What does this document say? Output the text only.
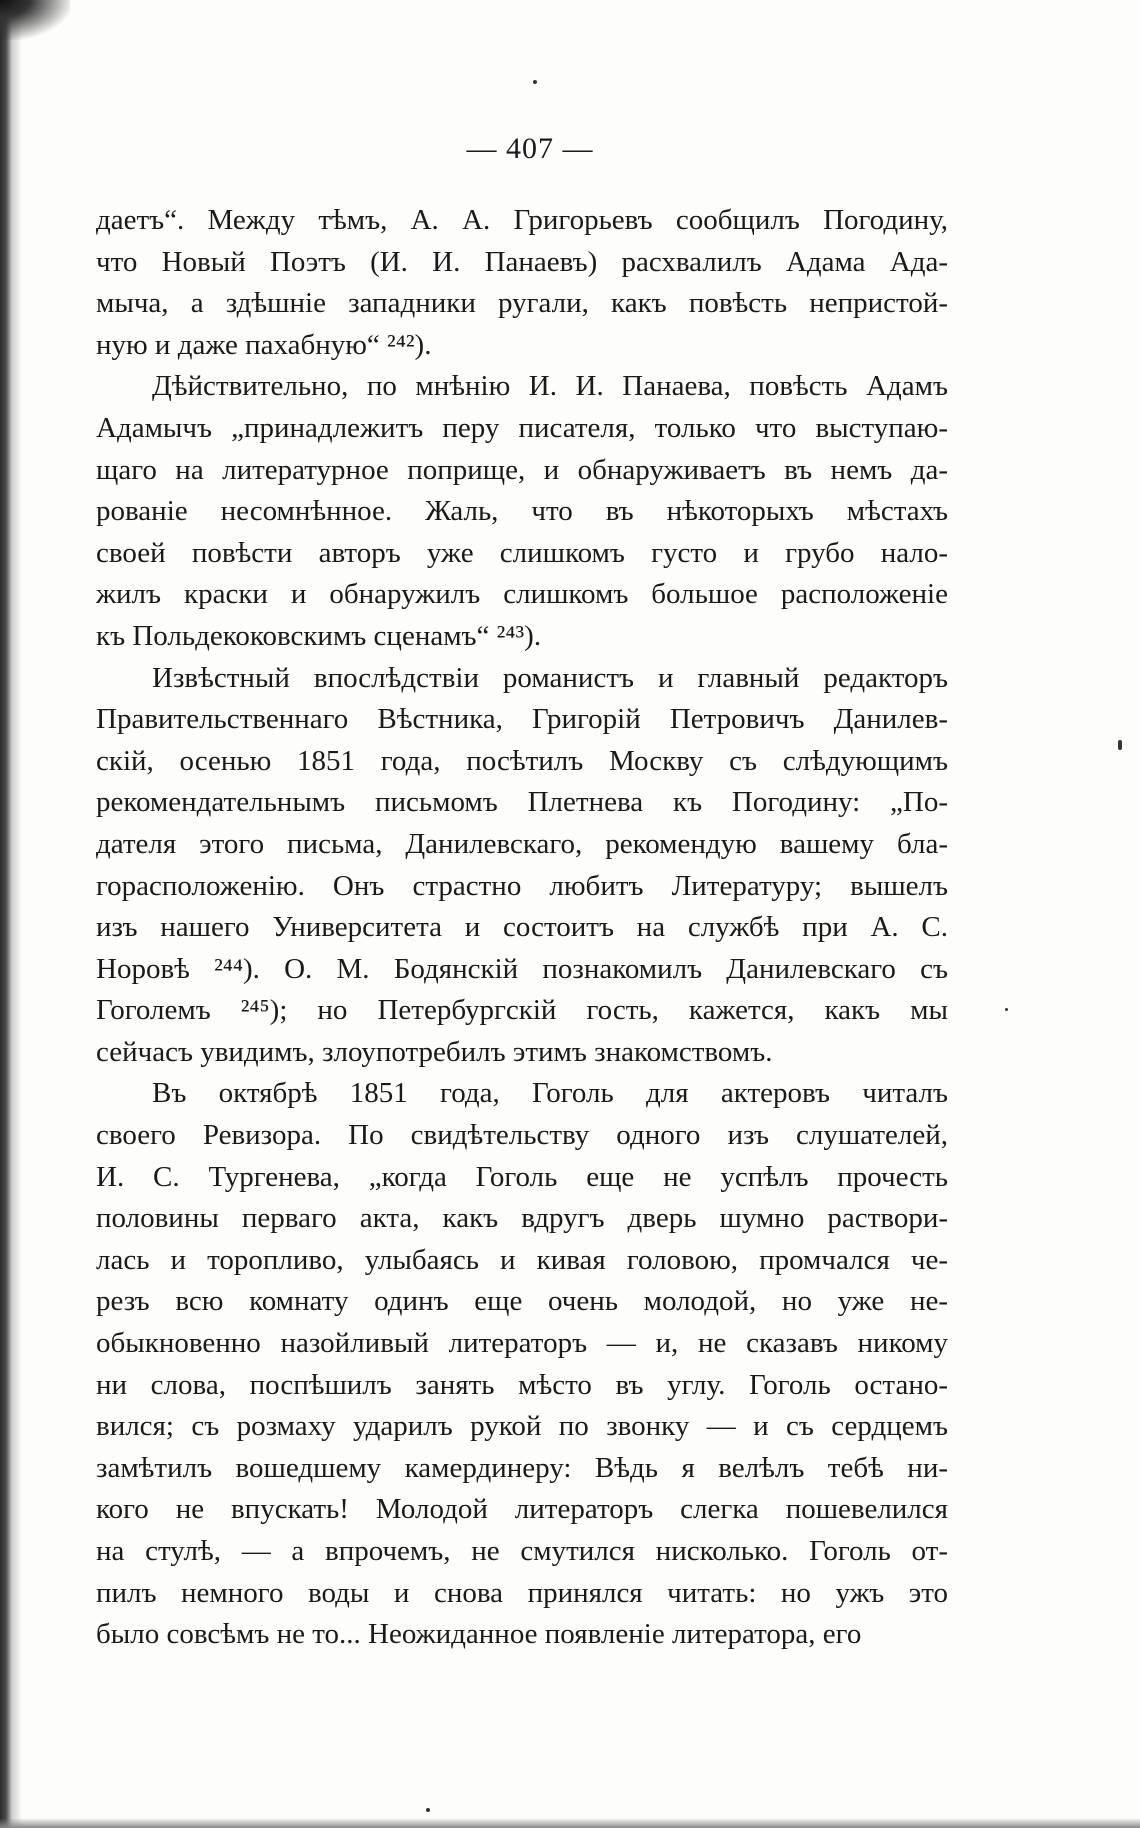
— 407 —

даетъ“. Между тѣмъ, А. А. Григорьевъ сообщилъ Погодину,
что Новый Поэтъ (И. И. Панаевъ) расхвалилъ Адама Ада-
мыча, а здѣшніе западники ругали, какъ повѣсть непристой-
ную и даже пахабную“ ²⁴²).

Дѣйствительно, по мнѣнію И. И. Панаева, повѣсть Адамъ
Адамычъ „принадлежитъ перу писателя, только что выступаю-
щаго на литературное поприще, и обнаруживаетъ въ немъ да-
рованіе несомнѣнное. Жаль, что въ нѣкоторыхъ мѣстахъ
своей повѣсти авторъ уже слишкомъ густо и грубо нало-
жилъ краски и обнаружилъ слишкомъ большое расположеніе
къ Польдекоковскимъ сценамъ“ ²⁴³).

Извѣстный впослѣдствіи романистъ и главный редакторъ
Правительственнаго Вѣстника, Григорій Петровичъ Данилев-
скій, осенью 1851 года, посѣтилъ Москву съ слѣдующимъ
рекомендательнымъ письмомъ Плетнева къ Погодину: „По-
дателя этого письма, Данилевскаго, рекомендую вашему бла-
горасположенію. Онъ страстно любитъ Литературу; вышелъ
изъ нашего Университета и состоитъ на службѣ при А. С.
Норовѣ ²⁴⁴). О. М. Бодянскій познакомилъ Данилевскаго съ
Гоголемъ ²⁴⁵); но Петербургскій гость, кажется, какъ мы
сейчасъ увидимъ, злоупотребилъ этимъ знакомствомъ.

Въ октябрѣ 1851 года, Гоголь для актеровъ читалъ
своего Ревизора. По свидѣтельству одного изъ слушателей,
И. С. Тургенева, „когда Гоголь еще не успѣлъ прочесть
половины перваго акта, какъ вдругъ дверь шумно раствори-
лась и торопливо, улыбаясь и кивая головою, промчался че-
резъ всю комнату одинъ еще очень молодой, но уже не-
обыкновенно назойливый литераторъ — и, не сказавъ никому
ни слова, поспѣшилъ занять мѣсто въ углу. Гоголь остано-
вился; съ розмаху ударилъ рукой по звонку — и съ сердцемъ
замѣтилъ вошедшему камердинеру: Вѣдь я велѣлъ тебѣ ни-
кого не впускать! Молодой литераторъ слегка пошевелился
на стулѣ, — а впрочемъ, не смутился нисколько. Гоголь от-
пилъ немного воды и снова принялся читать: но ужъ это
было совсѣмъ не то... Неожиданное появленіе литератора, его
